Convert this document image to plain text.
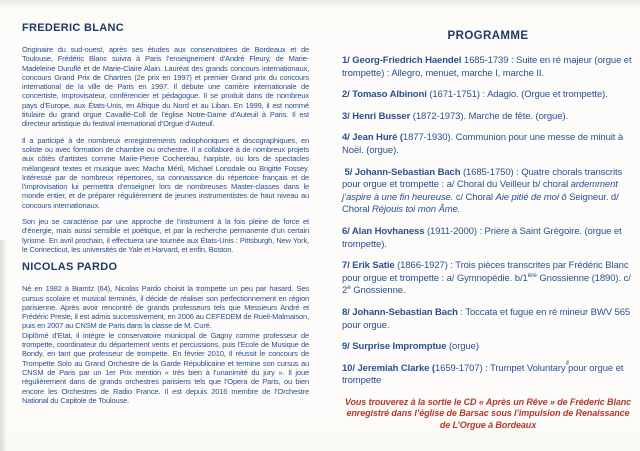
FREDERIC BLANC

Originaire du sud-ouest, après ses études aux conservatoires de Bordeaux et de Toulouse, Frédéric Blanc suivra à Paris l’enseignement d’André Fleury, de Marie-Madeleine Duruflé et de Marie-Claire Alain. Lauréat des grands concours internationaux, concours Grand Prix de Chartres (2e prix en 1997) et premier Grand prix du concours international de la ville de Paris en 1997. Il débute une carrière internationale de concertiste, improvisateur, conférencier et pédagogue. Il se produit dans de nombreux pays d’Europe, aux États-Unis, en Afrique du Nord et au Liban. En 1999, il est nommé titulaire du grand orgue Cavaillé-Coll de l’église Notre-Dame d’Auteuil à Paris. Il est directeur artistique du festival international d’Orgue d’Auteuil.

Il a participé à de nombreux enregistrements radiophoniques et discographiques, en soliste ou avec formation de chambre ou orchestre. Il a collaboré à de nombreux projets aux côtés d’artistes comme Marie-Pierre Cochereau, harpiste, ou lors de spectacles mélangeant textes et musique avec Macha Méril, Michael Lonsdale ou Brigitte Fossey. Intéressé par de nombreux répertoires, sa connaissance du répertoire français et de l’improvisation lui permettra d’enseigner lors de nombreuses Master-classes dans le monde entier, et de préparer régulièrement de jeunes instrumentistes de haut niveau au concours internationaux.

Son jeu se caractérise par une approche de l’instrument à la fois pleine de force et d’énergie, mais aussi sensible et poétique, et par la recherche permanente d’un certain lyrisme. En avril prochain, il effectuera une tournée aux États-Unis : Pittsburgh, New York, le Connecticut, les universités de Yale et Harvard, et enfin, Boston.

NICOLAS PARDO

Né en 1982 à Biarritz (64), Nicolas Pardo choisit la trompette un peu par hasard. Ses cursus scolaire et musical terminés, il décide de réaliser son perfectionnement en région parisienne. Après avoir rencontré de grands professeurs tels que Messieurs André et Frédéric Presle, il est admis successivement, en 2006 au CEFEDEM de Rueil-Malmaison, puis en 2007 au CNSM de Paris dans la classe de M. Curé.

Diplômé d’Etat, il intègre le conservatoire municipal de Gagny comme professeur de trompette, coordinateur du département vents et percussions, puis l’Ecole de Musique de Bondy, en tant que professeur de trompette. En février 2010, Il réussit le concours de Trompette Solo au Grand Orchestre de la Garde Républicaine et termine son cursus au CNSM de Paris par un 1er Prix mention « très bien à l’unanimité du jury ». Il joue régulièrement dans de grands orchestres parisiens tels que l’Opera de Paris, ou bien encore les Orchestres de Radio France. Il est depuis 2016 membre de l’Orchestre National du Capitole de Toulouse.

PROGRAMME

1/ Georg-Friedrich Haendel 1685-1739 : Suite en ré majeur (orgue et trompette) : Allegro, menuet, marche I, marche II.

2/ Tomaso Albinoni (1671-1751) : Adagio. (Orgue et trompette).

3/ Henri Busser (1872-1973). Marche de fête. (orgue).

4/ Jean Huré (1877-1930). Communion pour une messe de minuit à Noël. (orgue).

5/ Johann-Sebastian Bach (1685-1750) : Quatre chorals transcrits pour orgue et trompette : a/ Choral du Veilleur b/ choral ardemment j’aspire à une fin heureuse. c/ Choral Aie pitié de moi ô Seigneur. d/ Choral Réjouis toi mon Âme.

6/ Alan Hovhaness (1911-2000) : Prière à Saint Grégoire. (orgue et trompette).

7/ Erik Satie (1866-1927) : Trois pièces transcrites par Frédéric Blanc pour orgue et trompette : a/ Gymnopédie. b/1ère Gnossienne (1890). c/ 2e Gnossienne.

8/ Johann-Sebastian Bach : Toccata et fugue en ré mineur BWV 565 pour orgue.

9/ Surprise Impromptue (orgue)

10/ Jeremiah Clarke (1659-1707) : Trumpet Voluntary pour orgue et trompette

Vous trouverez à la sortie le CD « Après un Rêve » de Fréderic Blanc enregistré dans l’église de Barsac sous l’impulsion de Renaissance de L’Orgue à Bordeaux
